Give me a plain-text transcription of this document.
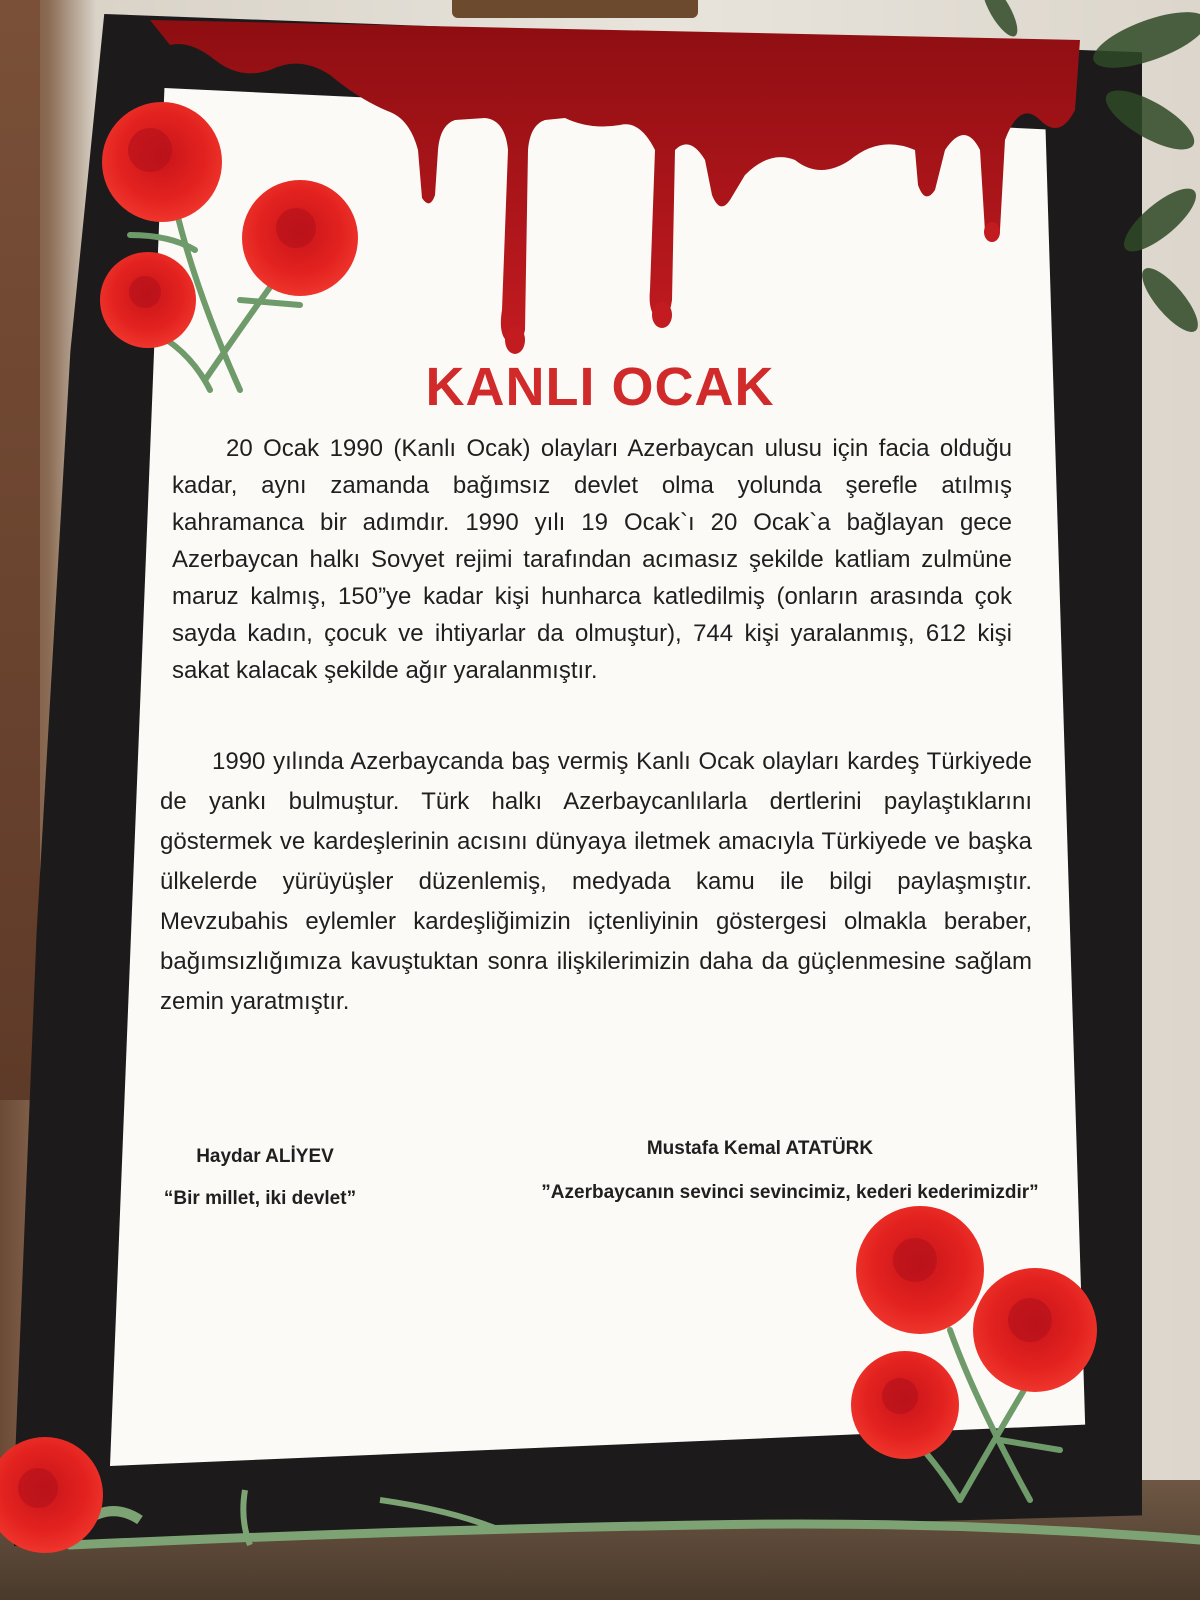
KANLI OCAK

20 Ocak 1990 (Kanlı Ocak) olayları Azerbaycan ulusu için facia olduğu kadar, aynı zamanda bağımsız devlet olma yolunda şerefle atılmış kahramanca bir adımdır. 1990 yılı 19 Ocak`ı 20 Ocak`a bağlayan gece Azerbaycan halkı Sovyet rejimi tarafından acımasız şekilde katliam zulmüne maruz kalmış, 150”ye kadar kişi hunharca katledilmiş (onların arasında çok sayda kadın, çocuk ve ihtiyarlar da olmuştur), 744 kişi yaralanmış, 612 kişi sakat kalacak şekilde ağır yaralanmıştır.

1990 yılında Azerbaycanda baş vermiş Kanlı Ocak olayları kardeş Türkiyede de yankı bulmuştur. Türk halkı Azerbaycanlılarla dertlerini paylaştıklarını göstermek ve kardeşlerinin acısını dünyaya iletmek amacıyla Türkiyede ve başka ülkelerde yürüyüşler düzenlemiş, medyada kamu ile bilgi paylaşmıştır. Mevzubahis eylemler kardeşliğimizin içtenliyinin göstergesi olmakla beraber, bağımsızlığımıza kavuştuktan sonra ilişkilerimizin daha da güçlenmesine sağlam zemin yaratmıştır.

Haydar ALİYEV
“Bir millet, iki devlet”
Mustafa Kemal ATATÜRK
”Azerbaycanın sevinci sevincimiz, kederi kederimizdir”
